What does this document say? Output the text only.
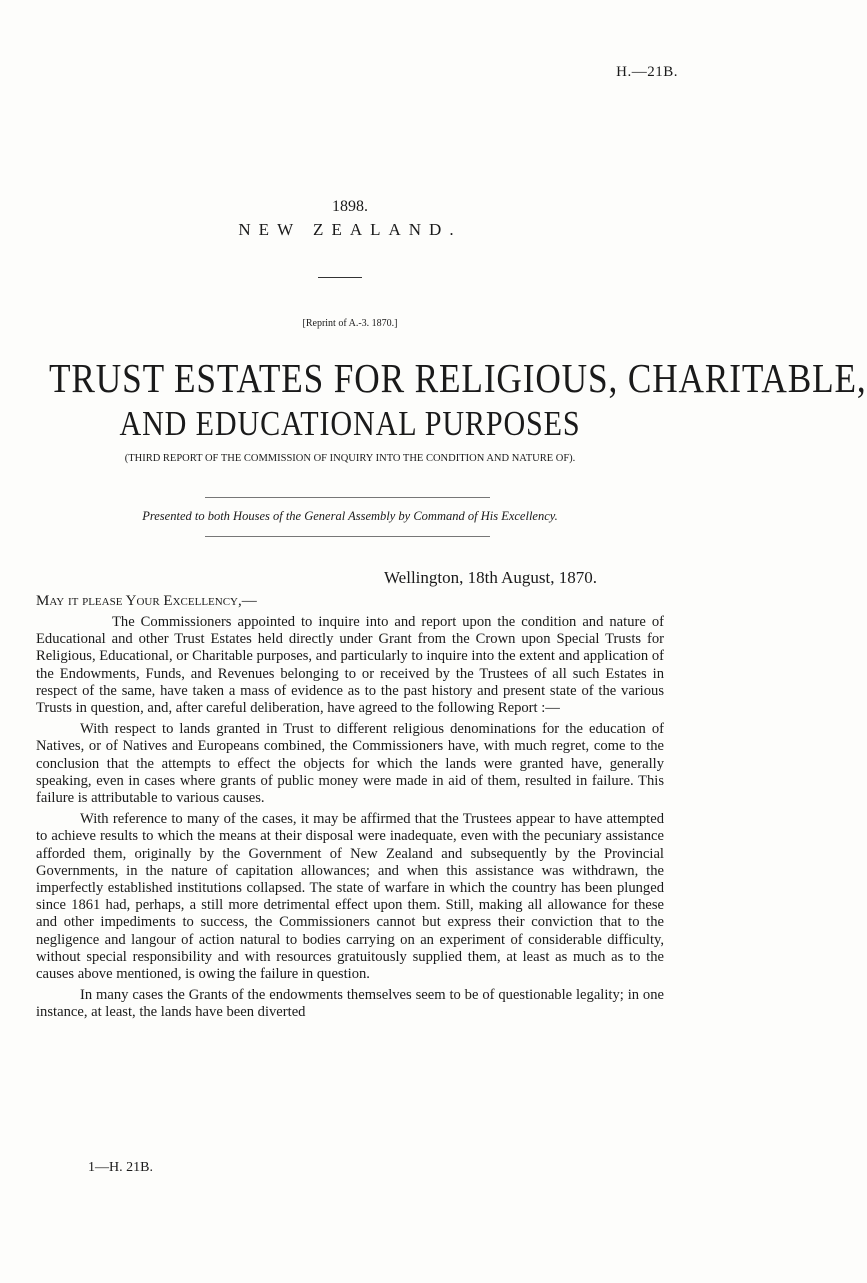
H.—21B.
1898.
NEW ZEALAND.
[Reprint of A.-3. 1870.]
TRUST ESTATES FOR RELIGIOUS, CHARITABLE,
AND EDUCATIONAL PURPOSES
(THIRD REPORT OF THE COMMISSION OF INQUIRY INTO THE CONDITION AND NATURE OF).
Presented to both Houses of the General Assembly by Command of His Excellency.
Wellington, 18th August, 1870.
May it please Your Excellency,—

The Commissioners appointed to inquire into and report upon the condition and nature of Educational and other Trust Estates held directly under Grant from the Crown upon Special Trusts for Religious, Educational, or Charitable purposes, and particularly to inquire into the extent and application of the Endowments, Funds, and Revenues belonging to or received by the Trustees of all such Estates in respect of the same, have taken a mass of evidence as to the past history and present state of the various Trusts in question, and, after careful deliberation, have agreed to the following Report :—

With respect to lands granted in Trust to different religious denominations for the education of Natives, or of Natives and Europeans combined, the Commissioners have, with much regret, come to the conclusion that the attempts to effect the objects for which the lands were granted have, generally speaking, even in cases where grants of public money were made in aid of them, resulted in failure. This failure is attributable to various causes.

With reference to many of the cases, it may be affirmed that the Trustees appear to have attempted to achieve results to which the means at their disposal were inadequate, even with the pecuniary assistance afforded them, originally by the Government of New Zealand and subsequently by the Provincial Governments, in the nature of capitation allowances; and when this assistance was withdrawn, the imperfectly established institutions collapsed. The state of warfare in which the country has been plunged since 1861 had, perhaps, a still more detrimental effect upon them. Still, making all allowance for these and other impediments to success, the Commissioners cannot but express their conviction that to the negligence and langour of action natural to bodies carrying on an experiment of considerable difficulty, without special responsibility and with resources gratuitously supplied them, at least as much as to the causes above mentioned, is owing the failure in question.

In many cases the Grants of the endowments themselves seem to be of questionable legality; in one instance, at least, the lands have been diverted

1—H. 21B.
